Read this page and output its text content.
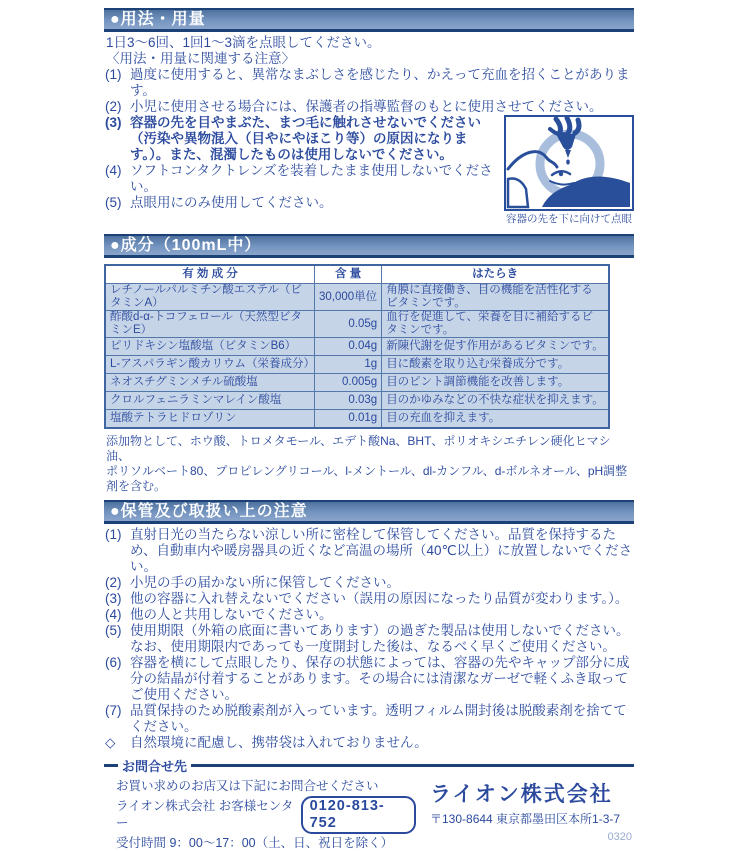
●用法・用量
1日3〜6回、1回1〜3滴を点眼してください。
〈用法・用量に関連する注意〉
(1) 過度に使用すると、異常なまぶしさを感じたり、かえって充血を招くことがあります。
(2) 小児に使用させる場合には、保護者の指導監督のもとに使用させてください。
容器の先を下に向けて点眼
(3) 容器の先を目やまぶた、まつ毛に触れさせないでください（汚染や異物混入（目やにやほこり等）の原因になります。）。また、混濁したものは使用しないでください。
(4) ソフトコンタクトレンズを装着したまま使用しないでください。
(5) 点眼用にのみ使用してください。
●成分（100mL中）
有 効 成 分	含 量	はたらき
レチノールパルミチン酸エステル（ビタミンA）	30,000単位	角膜に直接働き、目の機能を活性化するビタミンです。
酢酸d-α-トコフェロール（天然型ビタミンE）	0.05g	血行を促進して、栄養を目に補給するビタミンです。
ピリドキシン塩酸塩（ビタミンB6）	0.04g	新陳代謝を促す作用があるビタミンです。
L-アスパラギン酸カリウム（栄養成分）	1g	目に酸素を取り込む栄養成分です。
ネオスチグミンメチル硫酸塩	0.005g	目のピント調節機能を改善します。
クロルフェニラミンマレイン酸塩	0.03g	目のかゆみなどの不快な症状を抑えます。
塩酸テトラヒドロゾリン	0.01g	目の充血を抑えます。
添加物として、ホウ酸、トロメタモール、エデト酸Na、BHT、ポリオキシエチレン硬化ヒマシ油、
ポリソルベート80、プロピレングリコール、l-メントール、dl-カンフル、d-ボルネオール、pH調整剤を含む。
●保管及び取扱い上の注意
(1) 直射日光の当たらない涼しい所に密栓して保管してください。品質を保持するため、自動車内や暖房器具の近くなど高温の場所（40℃以上）に放置しないでください。
(2) 小児の手の届かない所に保管してください。
(3) 他の容器に入れ替えないでください（誤用の原因になったり品質が変わります。）。
(4) 他の人と共用しないでください。
(5) 使用期限（外箱の底面に書いてあります）の過ぎた製品は使用しないでください。なお、使用期限内であっても一度開封した後は、なるべく早くご使用ください。
(6) 容器を横にして点眼したり、保存の状態によっては、容器の先やキャップ部分に成分の結晶が付着することがあります。その場合には清潔なガーゼで軽くふき取ってご使用ください。
(7) 品質保持のため脱酸素剤が入っています。透明フィルム開封後は脱酸素剤を捨ててください。
◇ 自然環境に配慮し、携帯袋は入れておりません。
お問合せ先
お買い求めのお店又は下記にお問合せください
ライオン株式会社 お客様センター
0120-813-752
受付時間 9：00〜17：00（土、日、祝日を除く）
ライオン株式会社
〒130-8644 東京都墨田区本所1-3-7
0320
